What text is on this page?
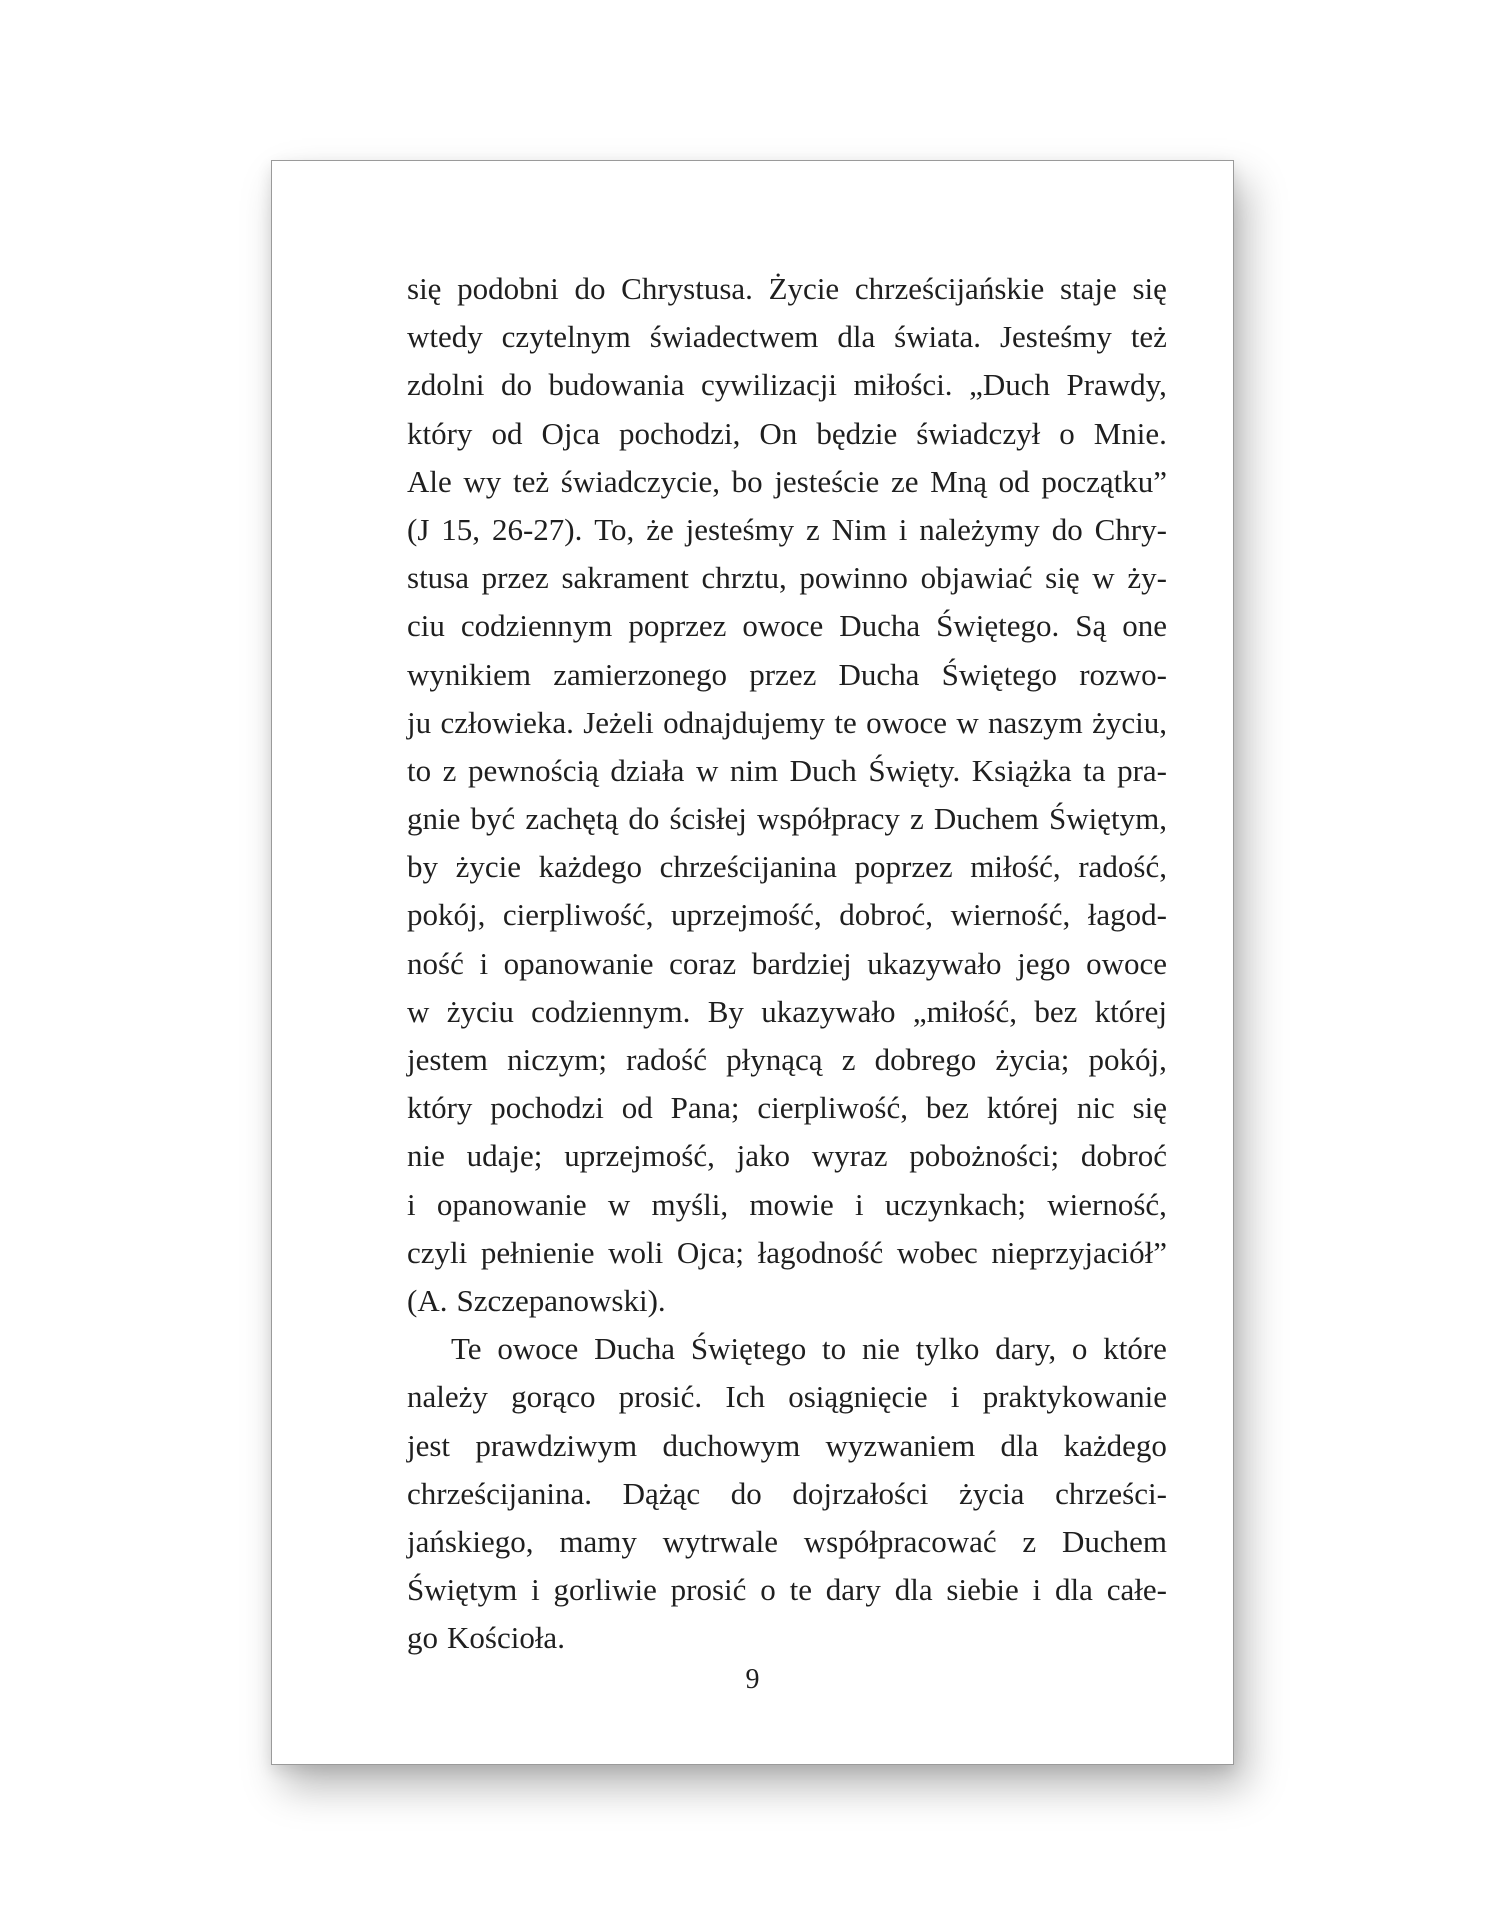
się podobni do Chrystusa. Życie chrześcijańskie staje się
wtedy czytelnym świadectwem dla świata. Jesteśmy też
zdolni do budowania cywilizacji miłości. „Duch Prawdy,
który od Ojca pochodzi, On będzie świadczył o Mnie.
Ale wy też świadczycie, bo jesteście ze Mną od początku”
(J 15, 26-27). To, że jesteśmy z Nim i należymy do Chry-
stusa przez sakrament chrztu, powinno objawiać się w ży-
ciu codziennym poprzez owoce Ducha Świętego. Są one
wynikiem zamierzonego przez Ducha Świętego rozwo-
ju człowieka. Jeżeli odnajdujemy te owoce w naszym życiu,
to z pewnością działa w nim Duch Święty. Książka ta pra-
gnie być zachętą do ścisłej współpracy z Duchem Świętym,
by życie każdego chrześcijanina poprzez miłość, radość,
pokój, cierpliwość, uprzejmość, dobroć, wierność, łagod-
ność i opanowanie coraz bardziej ukazywało jego owoce
w życiu codziennym. By ukazywało „miłość, bez której
jestem niczym; radość płynącą z dobrego życia; pokój,
który pochodzi od Pana; cierpliwość, bez której nic się
nie udaje; uprzejmość, jako wyraz pobożności; dobroć
i opanowanie w myśli, mowie i uczynkach; wierność,
czyli pełnienie woli Ojca; łagodność wobec nieprzyjaciół”
(A. Szczepanowski).
Te owoce Ducha Świętego to nie tylko dary, o które
należy gorąco prosić. Ich osiągnięcie i praktykowanie
jest prawdziwym duchowym wyzwaniem dla każdego
chrześcijanina. Dążąc do dojrzałości życia chrześci-
jańskiego, mamy wytrwale współpracować z Duchem
Świętym i gorliwie prosić o te dary dla siebie i dla całe-
go Kościoła.
9
